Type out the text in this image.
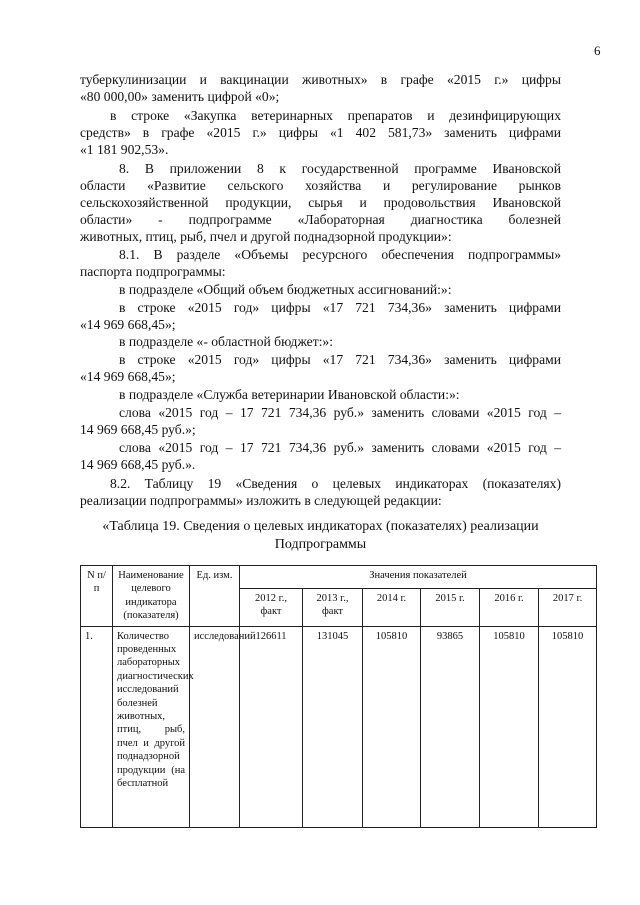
6
туберкулинизации и вакцинации животных» в графе «2015 г.» цифры
«80 000,00» заменить цифрой «0»;
в строке «Закупка ветеринарных препаратов и дезинфицирующих
средств» в графе «2015 г.» цифры «1 402 581,73» заменить цифрами
«1 181 902,53».
8. В приложении 8 к государственной программе Ивановской
области «Развитие сельского хозяйства и регулирование рынков
сельскохозяйственной продукции, сырья и продовольствия Ивановской
области» - подпрограмме «Лабораторная диагностика болезней
животных, птиц, рыб, пчел и другой поднадзорной продукции»:
8.1. В разделе «Объемы ресурсного обеспечения подпрограммы»
паспорта подпрограммы:
в подразделе «Общий объем бюджетных ассигнований:»:
в строке «2015 год» цифры «17 721 734,36» заменить цифрами
«14 969 668,45»;
в подразделе «- областной бюджет:»:
в строке «2015 год» цифры «17 721 734,36» заменить цифрами
«14 969 668,45»;
в подразделе «Служба ветеринарии Ивановской области:»:
слова «2015 год – 17 721 734,36 руб.» заменить словами «2015 год –
14 969 668,45 руб.»;
слова «2015 год – 17 721 734,36 руб.» заменить словами «2015 год –
14 969 668,45 руб.».
8.2. Таблицу 19 «Сведения о целевых индикаторах (показателях)
реализации подпрограммы» изложить в следующей редакции:
«Таблица 19. Сведения о целевых индикаторах (показателях) реализации
Подпрограммы
N п/п	Наименование целевого индикатора (показателя)	Ед. изм.	Значения показателей					
			2012 г., факт	2013 г., факт	2014 г.	2015 г.	2016 г.	2017 г.
1.	Количество проведенных лабораторных диагностических исследований болезней животных, птиц, рыб, пчел и другой поднадзорной продукции (на бесплатной	исследований	126611	131045	105810	93865	105810	105810
